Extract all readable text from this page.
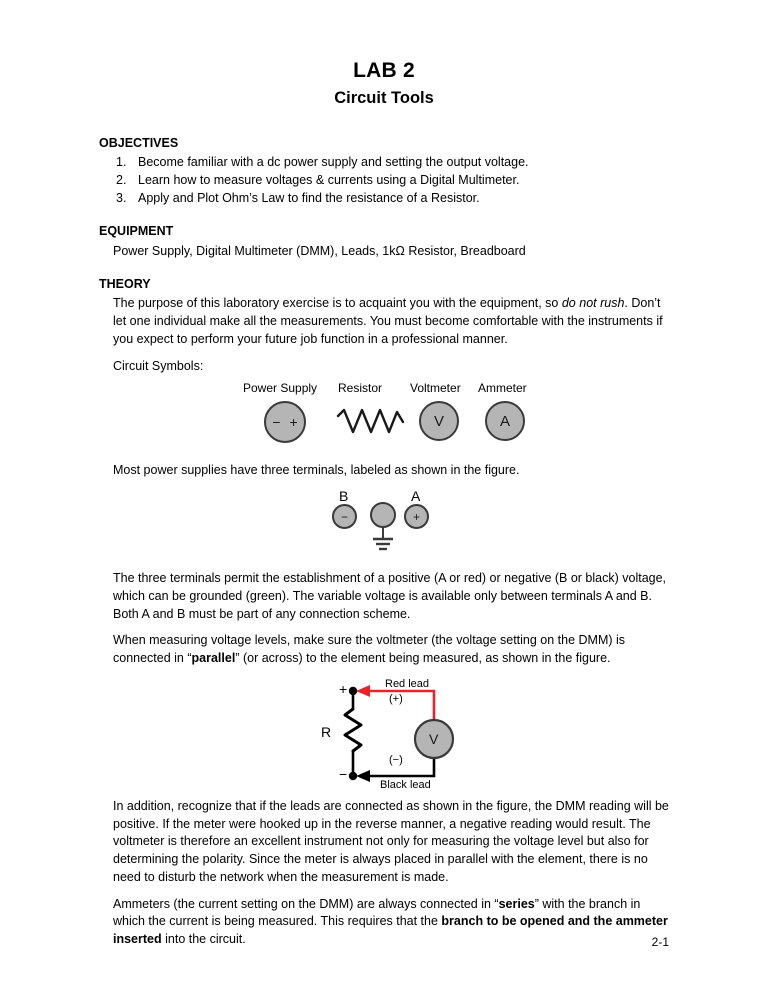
LAB 2
Circuit Tools
OBJECTIVES
1. Become familiar with a dc power supply and setting the output voltage.
2. Learn how to measure voltages & currents using a Digital Multimeter.
3. Apply and Plot Ohm’s Law to find the resistance of a Resistor.
EQUIPMENT

Power Supply, Digital Multimeter (DMM), Leads, 1kΩ Resistor, Breadboard

THEORY

The purpose of this laboratory exercise is to acquaint you with the equipment, so do not rush. Don’t let one individual make all the measurements. You must become comfortable with the instruments if you expect to perform your future job function in a professional manner.

Circuit Symbols:

Power Supply
− +
Resistor Voltmeter
V
Ammeter
A

Most power supplies have three terminals, labeled as shown in the figure.

B
−
A
+

The three terminals permit the establishment of a positive (A or red) or negative (B or black) voltage, which can be grounded (green). The variable voltage is available only between terminals A and B. Both A and B must be part of any connection scheme.

When measuring voltage levels, make sure the voltmeter (the voltage setting on the DMM) is connected in “parallel” (or across) to the element being measured, as shown in the figure.

+
−
R
Red lead
(+)
(−)
Black lead
V

In addition, recognize that if the leads are connected as shown in the figure, the DMM reading will be positive. If the meter were hooked up in the reverse manner, a negative reading would result. The voltmeter is therefore an excellent instrument not only for measuring the voltage level but also for determining the polarity. Since the meter is always placed in parallel with the element, there is no need to disturb the network when the measurement is made.

Ammeters (the current setting on the DMM) are always connected in “series” with the branch in which the current is being measured. This requires that the branch to be opened and the ammeter inserted into the circuit.	2-1
